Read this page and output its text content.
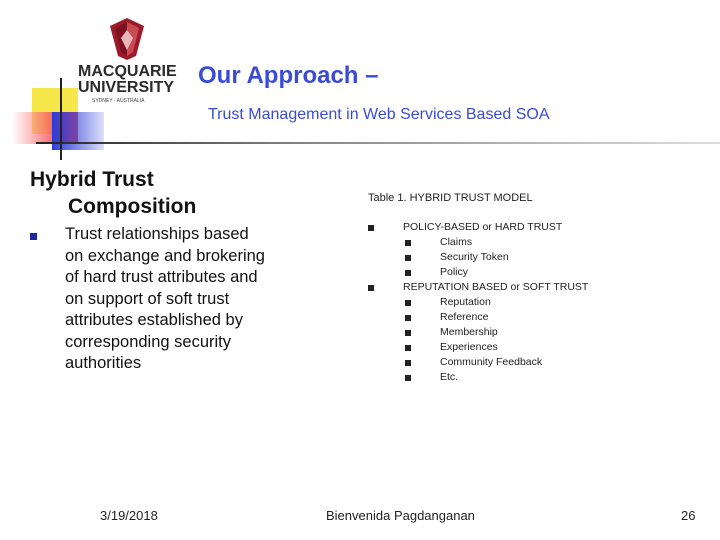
MACQUARIE
UNIVERSITY
SYDNEY · AUSTRALIA
Our Approach –
Trust Management in Web Services Based SOA
Hybrid Trust
Composition
Trust relationships based on exchange and brokering of hard trust attributes and on support of soft trust attributes established by corresponding security authorities
Table 1. HYBRID TRUST MODEL
POLICY-BASED or HARD TRUST
Claims
Security Token
Policy
REPUTATION BASED or SOFT TRUST
Reputation
Reference
Membership
Experiences
Community Feedback
Etc.
3/19/2018	Bienvenida Pagdanganan	26
